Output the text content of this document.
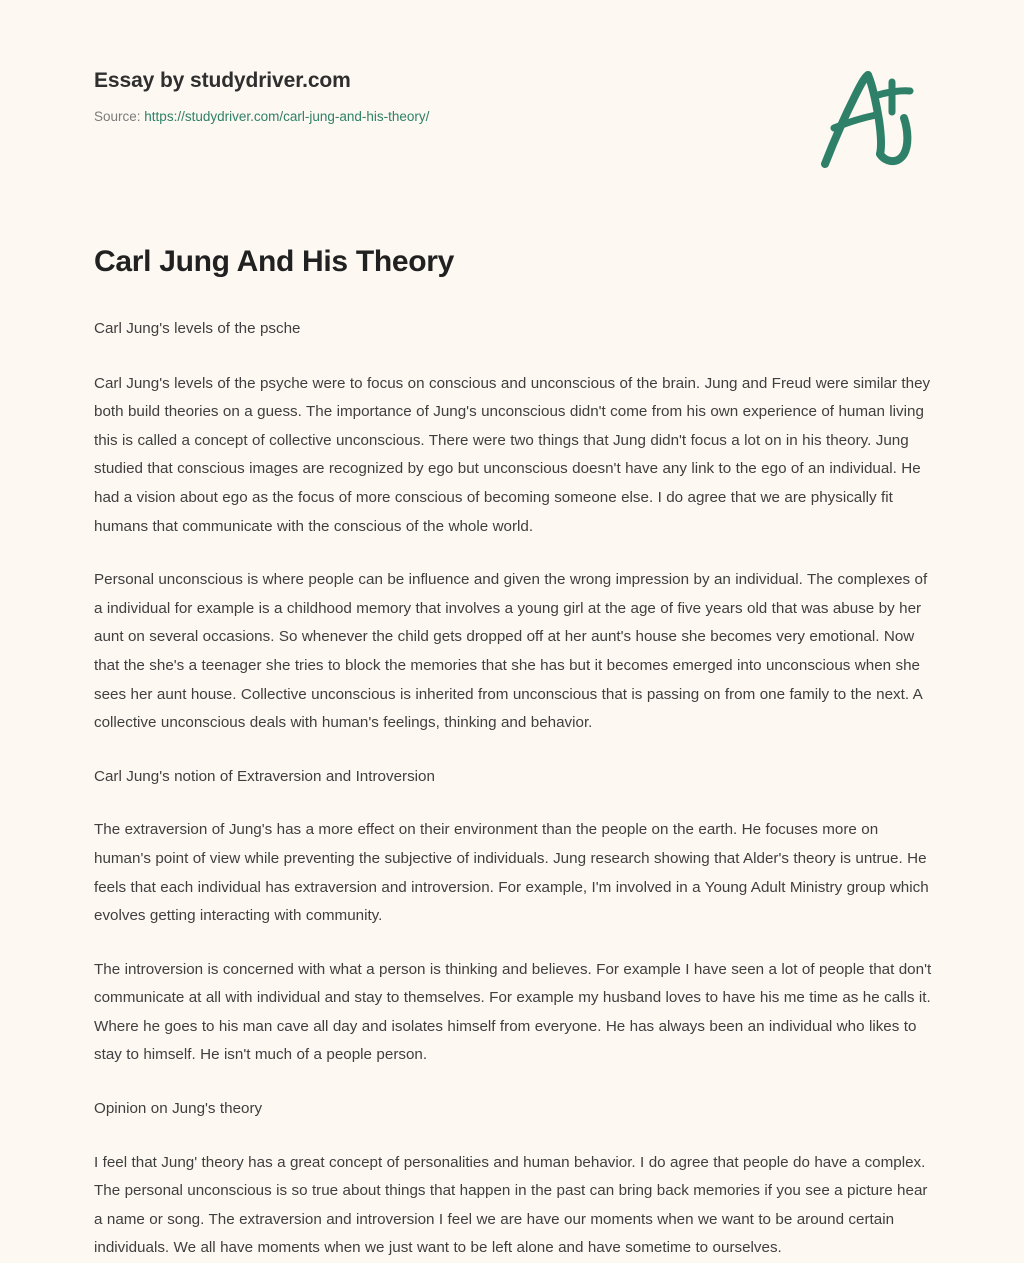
Essay by studydriver.com
Source: https://studydriver.com/carl-jung-and-his-theory/
Carl Jung And His Theory

Carl Jung's levels of the psche

Carl Jung's levels of the psyche were to focus on conscious and unconscious of the brain. Jung and Freud were similar they both build theories on a guess. The importance of Jung's unconscious didn't come from his own experience of human living this is called a concept of collective unconscious. There were two things that Jung didn't focus a lot on in his theory. Jung studied that conscious images are recognized by ego but unconscious doesn't have any link to the ego of an individual. He had a vision about ego as the focus of more conscious of becoming someone else. I do agree that we are physically fit humans that communicate with the conscious of the whole world.

Personal unconscious is where people can be influence and given the wrong impression by an individual. The complexes of a individual for example is a childhood memory that involves a young girl at the age of five years old that was abuse by her aunt on several occasions. So whenever the child gets dropped off at her aunt's house she becomes very emotional. Now that the she's a teenager she tries to block the memories that she has but it becomes emerged into unconscious when she sees her aunt house. Collective unconscious is inherited from unconscious that is passing on from one family to the next. A collective unconscious deals with human's feelings, thinking and behavior.

Carl Jung's notion of Extraversion and Introversion

The extraversion of Jung's has a more effect on their environment than the people on the earth. He focuses more on human's point of view while preventing the subjective of individuals. Jung research showing that Alder's theory is untrue. He feels that each individual has extraversion and introversion. For example, I'm involved in a Young Adult Ministry group which evolves getting interacting with community.

The introversion is concerned with what a person is thinking and believes. For example I have seen a lot of people that don't communicate at all with individual and stay to themselves. For example my husband loves to have his me time as he calls it. Where he goes to his man cave all day and isolates himself from everyone. He has always been an individual who likes to stay to himself. He isn't much of a people person.

Opinion on Jung's theory

I feel that Jung' theory has a great concept of personalities and human behavior. I do agree that people do have a complex. The personal unconscious is so true about things that happen in the past can bring back memories if you see a picture hear a name or song. The extraversion and introversion I feel we are have our moments when we want to be around certain individuals. We all have moments when we just want to be left alone and have sometime to ourselves.
